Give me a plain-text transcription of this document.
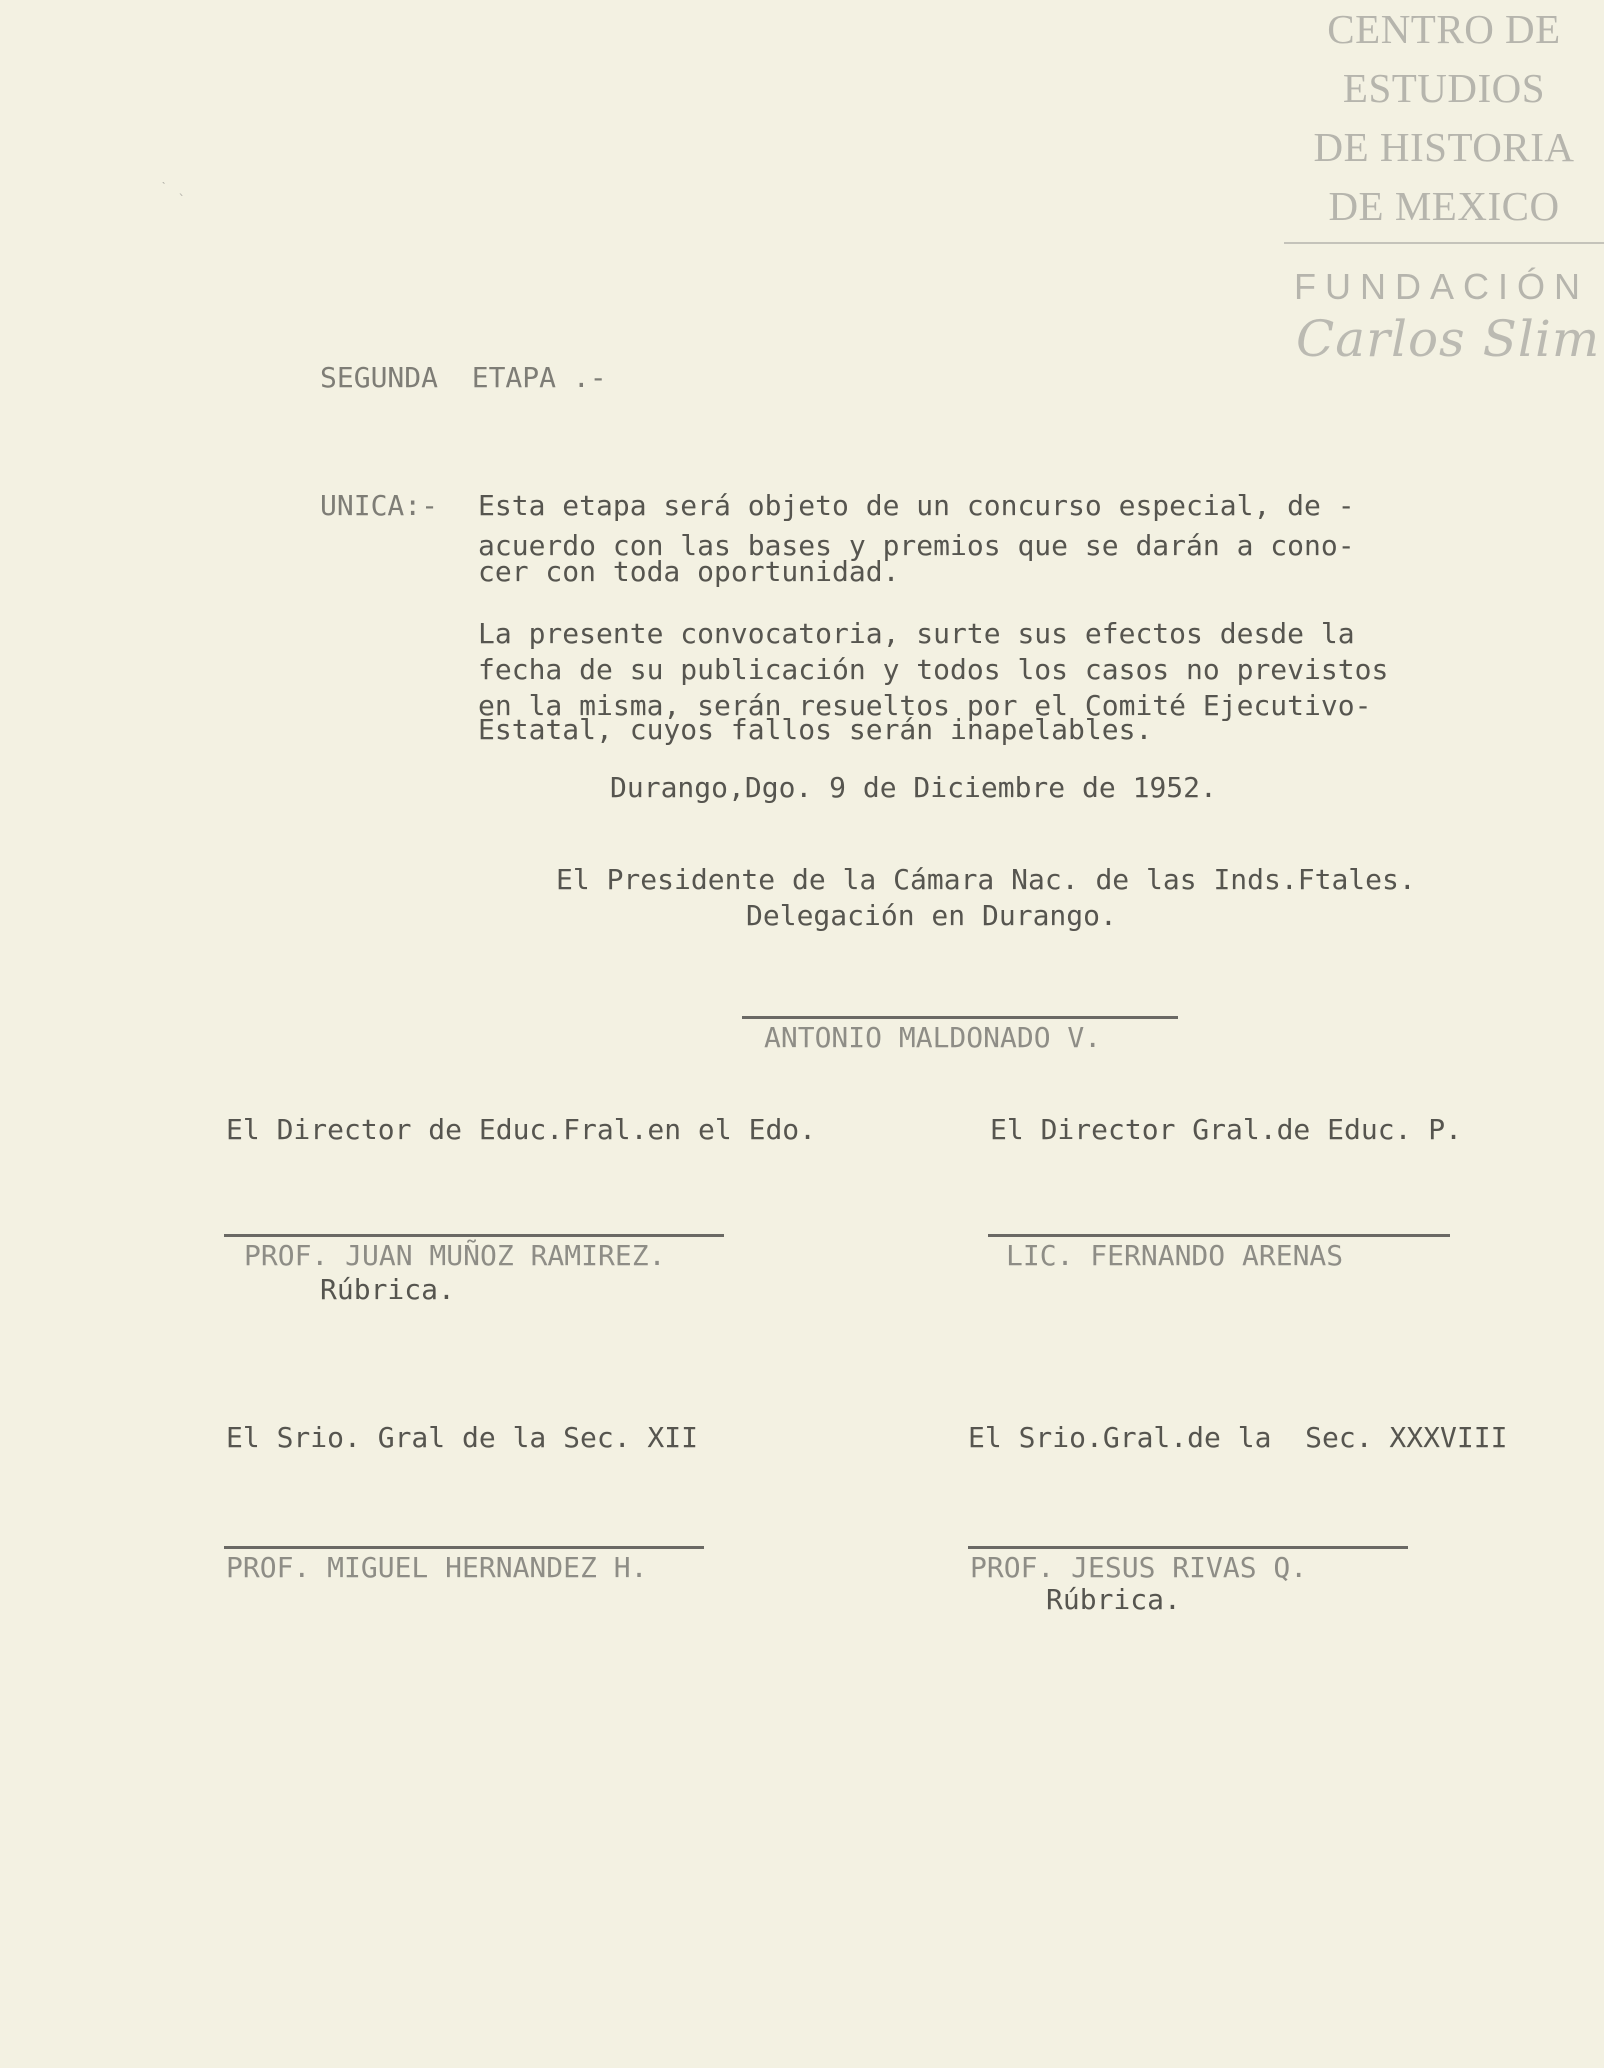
CENTRO DE
ESTUDIOS
DE HISTORIA
DE MEXICO
FUNDACIÓN
Carlos Slim
ˋ ˎ
SEGUNDA  ETAPA .-
UNICA:- Esta etapa será objeto de un concurso especial, de -
acuerdo con las bases y premios que se darán a cono-
cer con toda oportunidad.
La presente convocatoria, surte sus efectos desde la
fecha de su publicación y todos los casos no previstos
en la misma, serán resueltos por el Comité Ejecutivo-
Estatal, cuyos fallos serán inapelables.
Durango,Dgo. 9 de Diciembre de 1952.
El Presidente de la Cámara Nac. de las Inds.Ftales.
Delegación en Durango.
ANTONIO MALDONADO V.
El Director de Educ.Fral.en el Edo.	El Director Gral.de Educ. P.
PROF. JUAN MUÑOZ RAMIREZ.
Rúbrica.
LIC. FERNANDO ARENAS
El Srio. Gral de la Sec. XII	El Srio.Gral.de la  Sec. XXXVIII
PROF. MIGUEL HERNANDEZ H.	PROF. JESUS RIVAS Q.
Rúbrica.
